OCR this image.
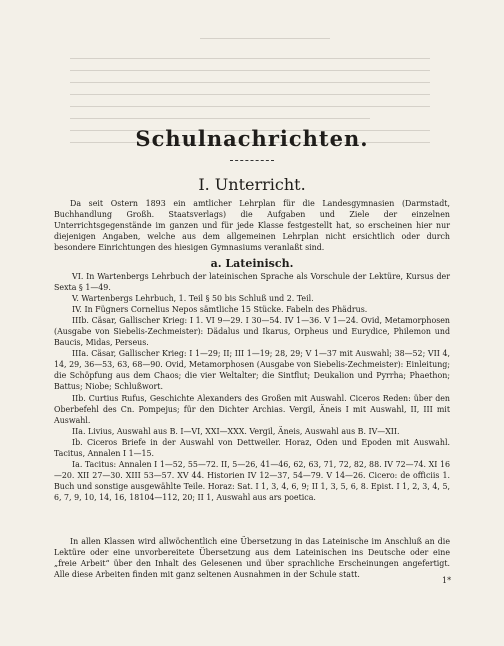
Schulnachrichten.
I. Unterricht.

Da seit Ostern 1893 ein amtlicher Lehrplan für die Landesgymnasien (Darmstadt, Buchhandlung Großh. Staatsverlags) die Aufgaben und Ziele der einzelnen Unterrichtsgegenstände im ganzen und für jede Klasse festgestellt hat, so erscheinen hier nur diejenigen Angaben, welche aus dem allgemeinen Lehrplan nicht ersichtlich oder durch besondere Einrichtungen des hiesigen Gymnasiums veranlaßt sind.

a. Lateinisch.

VI. In Wartenbergs Lehrbuch der lateinischen Sprache als Vorschule der Lektüre, Kursus der Sexta § 1—49.

V. Wartenbergs Lehrbuch, 1. Teil § 50 bis Schluß und 2. Teil.

IV. In Fügners Cornelius Nepos sämtliche 15 Stücke. Fabeln des Phädrus.

IIIb. Cäsar, Gallischer Krieg: I 1. VI 9—29. I 30—54. IV 1—36. V 1—24. Ovid, Metamorphosen (Ausgabe von Siebelis-Zechmeister): Dädalus und Ikarus, Orpheus und Eurydice, Philemon und Baucis, Midas, Perseus.

IIIa. Cäsar, Gallischer Krieg: I 1—29; II; III 1—19; 28, 29; V 1—37 mit Auswahl; 38—52; VII 4, 14, 29, 36—53, 63, 68—90. Ovid, Metamorphosen (Ausgabe von Siebelis-Zechmeister): Einleitung; die Schöpfung aus dem Chaos; die vier Weltalter; die Sintflut; Deukalion und Pyrrha; Phaethon; Battus; Niobe; Schlußwort.

IIb. Curtius Rufus, Geschichte Alexanders des Großen mit Auswahl. Ciceros Reden: über den Oberbefehl des Cn. Pompejus; für den Dichter Archias. Vergil, Äneis I mit Auswahl, II, III mit Auswahl.

IIa. Livius, Auswahl aus B. I—VI, XXI—XXX. Vergil, Äneis, Auswahl aus B. IV—XII.

Ib. Ciceros Briefe in der Auswahl von Dettweiler. Horaz, Oden und Epoden mit Auswahl. Tacitus, Annalen I 1—15.

Ia. Tacitus: Annalen I 1—52, 55—72. II, 5—26, 41—46, 62, 63, 71, 72, 82, 88. IV 72—74. XI 16—20. XII 27—30. XIII 53—57. XV 44. Historien IV 12—37, 54—79. V 14—26. Cicero: de officiis 1. Buch und sonstige ausgewählte Teile. Horaz: Sat. I 1, 3, 4, 6, 9; II 1, 3, 5, 6, 8. Epist. I 1, 2, 3, 4, 5, 6, 7, 9, 10, 14, 16, 18104—112, 20; II 1, Auswahl aus ars poetica.

In allen Klassen wird allwöchentlich eine Übersetzung in das Lateinische im Anschluß an die Lektüre oder eine unvorbereitete Übersetzung aus dem Lateinischen ins Deutsche oder eine „freie Arbeit“ über den Inhalt des Gelesenen und über sprachliche Erscheinungen angefertigt. Alle diese Arbeiten finden mit ganz seltenen Ausnahmen in der Schule statt.

1*
